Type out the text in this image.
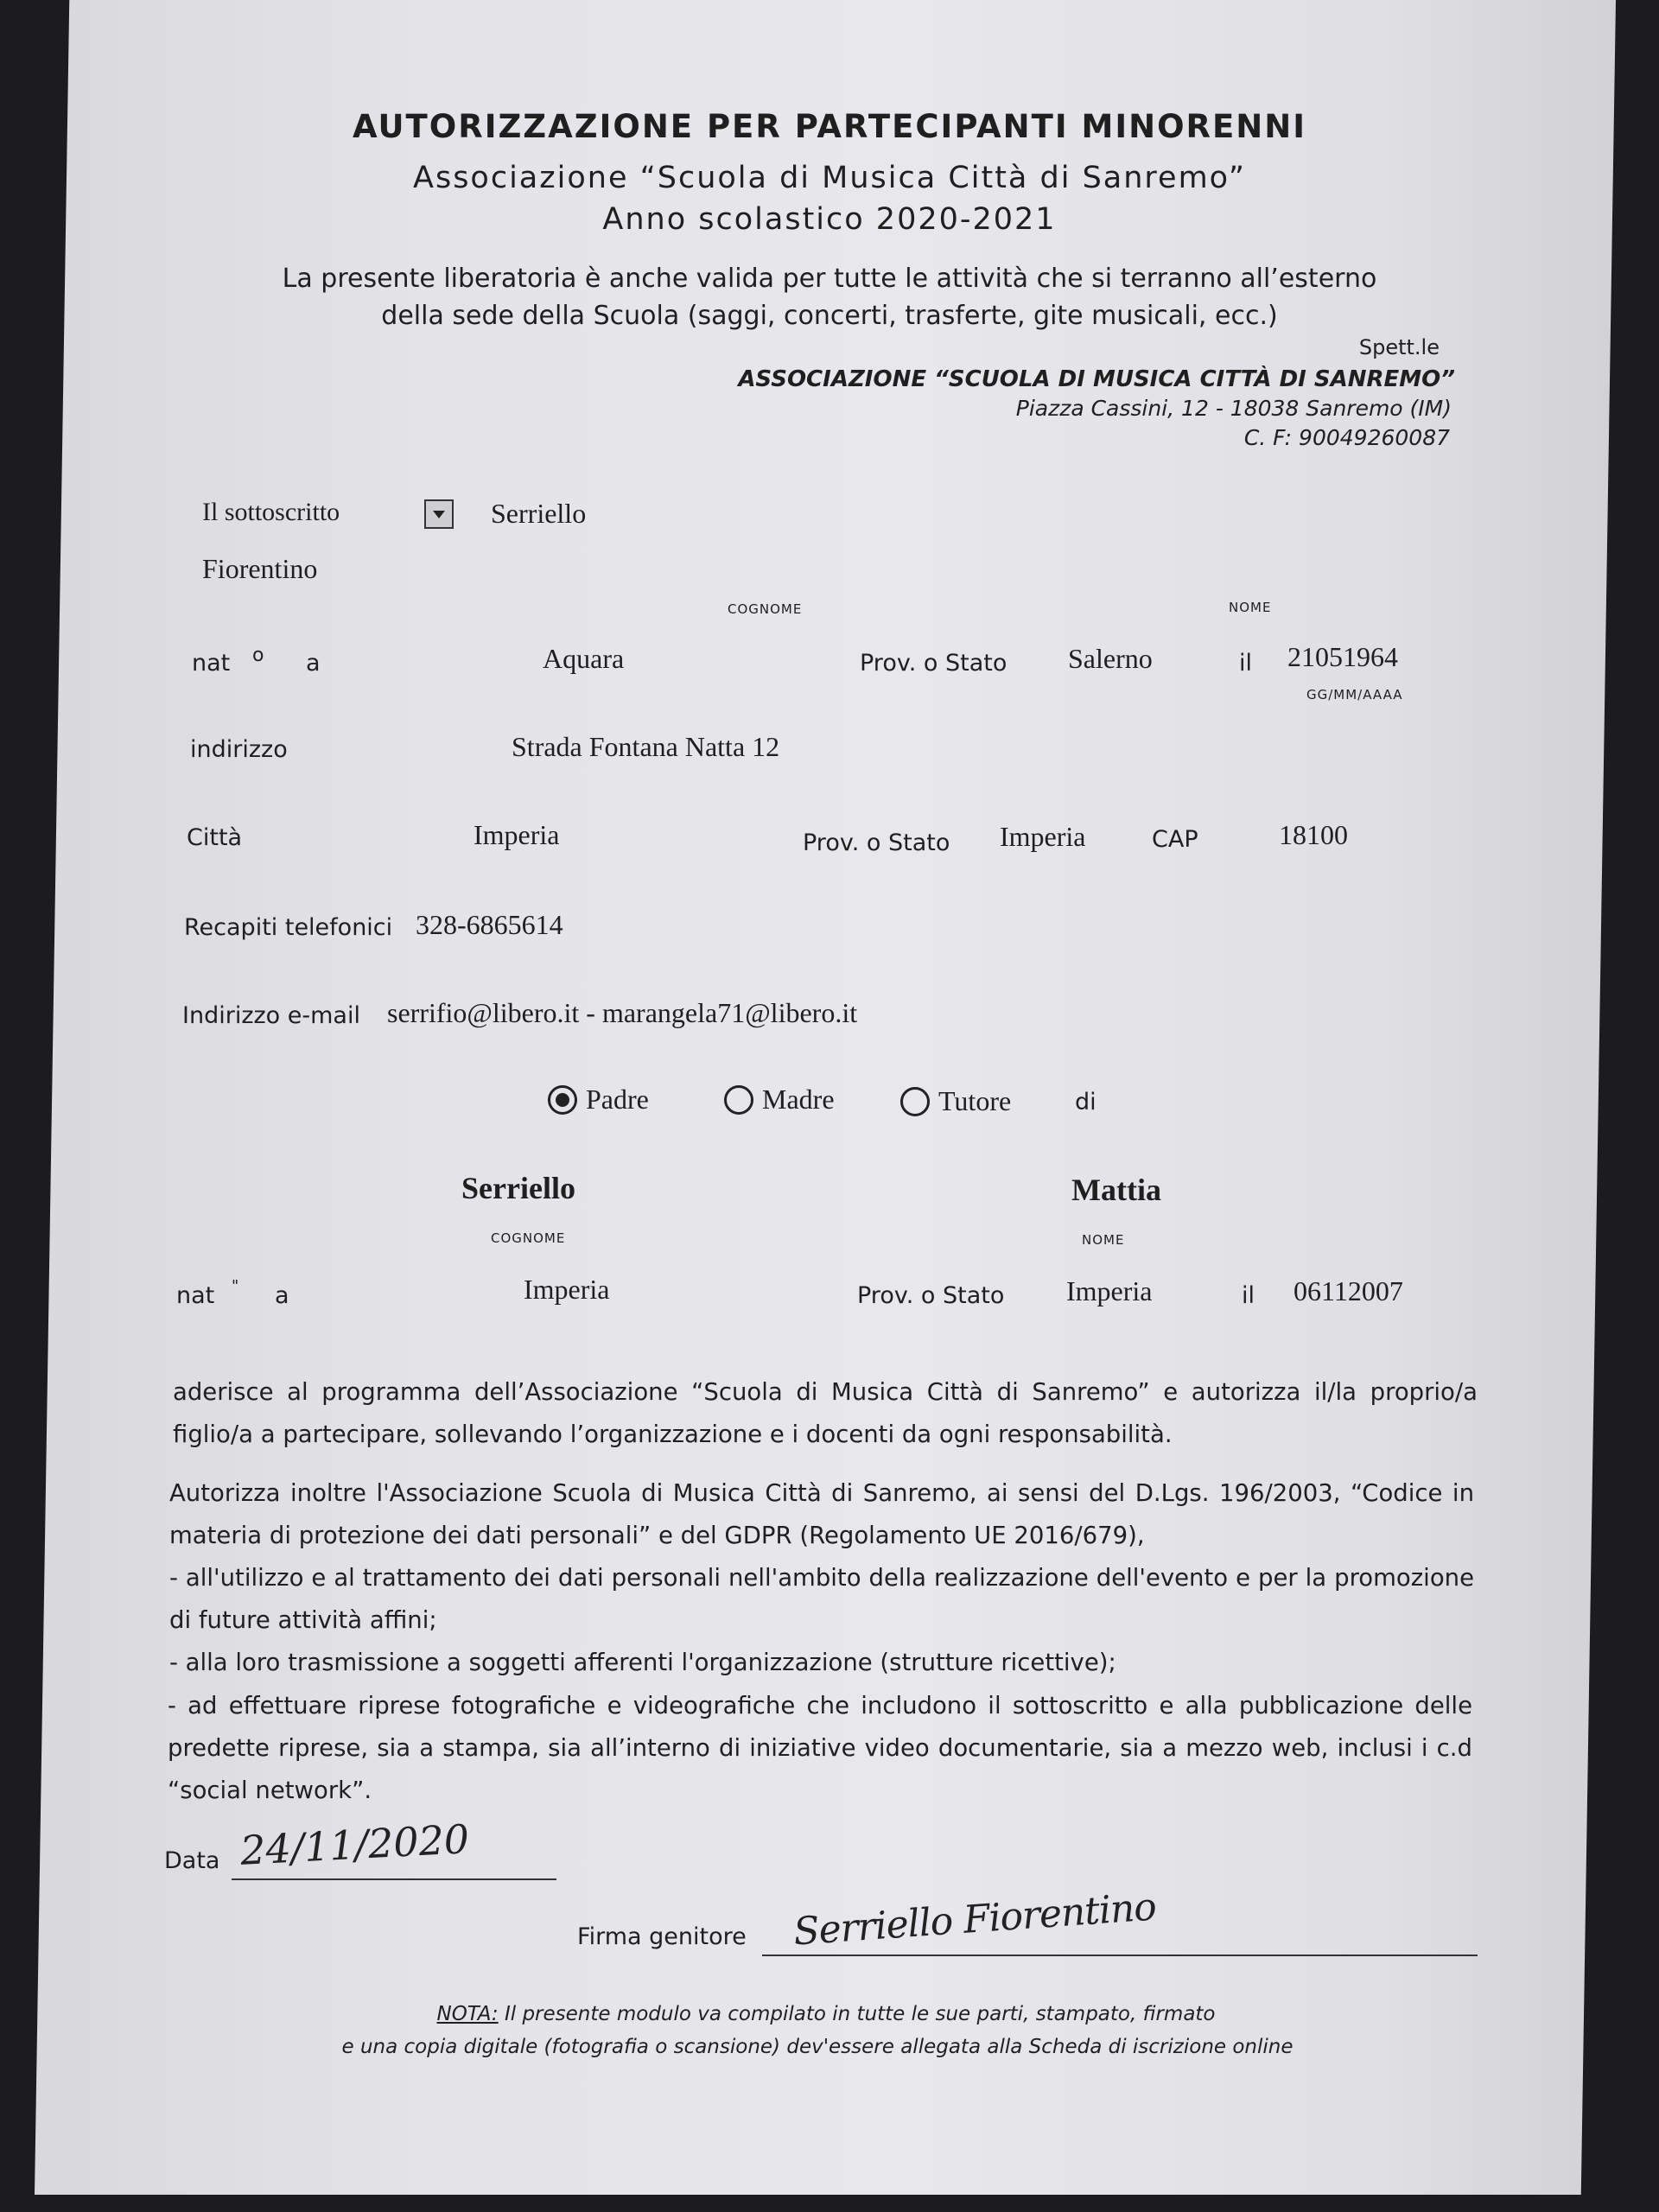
AUTORIZZAZIONE PER PARTECIPANTI MINORENNI
Associazione “Scuola di Musica Città di Sanremo”
Anno scolastico 2020-2021
La presente liberatoria è anche valida per tutte le attività che si terranno all’esterno
della sede della Scuola (saggi, concerti, trasferte, gite musicali, ecc.)
Spett.le
ASSOCIAZIONE “SCUOLA DI MUSICA CITTÀ DI SANREMO”
Piazza Cassini, 12 - 18038 Sanremo (IM)
C. F: 90049260087
Il sottoscritto	Serriello
Fiorentino
COGNOME	NOME
nat o a	Aquara	Prov. o Stato Salerno	il 21051964
GG/MM/AAAA
indirizzo	Strada Fontana Natta 12
Città	Imperia	Prov. o Stato Imperia	CAP	18100
Recapiti telefonici 328-6865614
Indirizzo e-mail serrifio@libero.it - marangela71@libero.it
Padre	Madre	Tutore	di
Serriello	Mattia
COGNOME	NOME
nat " a	Imperia	Prov. o Stato Imperia	il 06112007
aderisce al programma dell’Associazione “Scuola di Musica Città di Sanremo” e autorizza il/la proprio/a figlio/a a partecipare, sollevando l’organizzazione e i docenti da ogni responsabilità.
Autorizza inoltre l'Associazione Scuola di Musica Città di Sanremo, ai sensi del D.Lgs. 196/2003, “Codice in materia di protezione dei dati personali” e del GDPR (Regolamento UE 2016/679),
- all'utilizzo e al trattamento dei dati personali nell'ambito della realizzazione dell'evento e per la promozione di future attività affini;
- alla loro trasmissione a soggetti afferenti l'organizzazione (strutture ricettive);
- ad effettuare riprese fotografiche e videografiche che includono il sottoscritto e alla pubblicazione delle predette riprese, sia a stampa, sia all’interno di iniziative video documentarie, sia a mezzo web, inclusi i c.d “social network”.
Data 24/11/2020
Firma genitore Serriello Fiorentino
NOTA: Il presente modulo va compilato in tutte le sue parti, stampato, firmato
e una copia digitale (fotografia o scansione) dev'essere allegata alla Scheda di iscrizione online
